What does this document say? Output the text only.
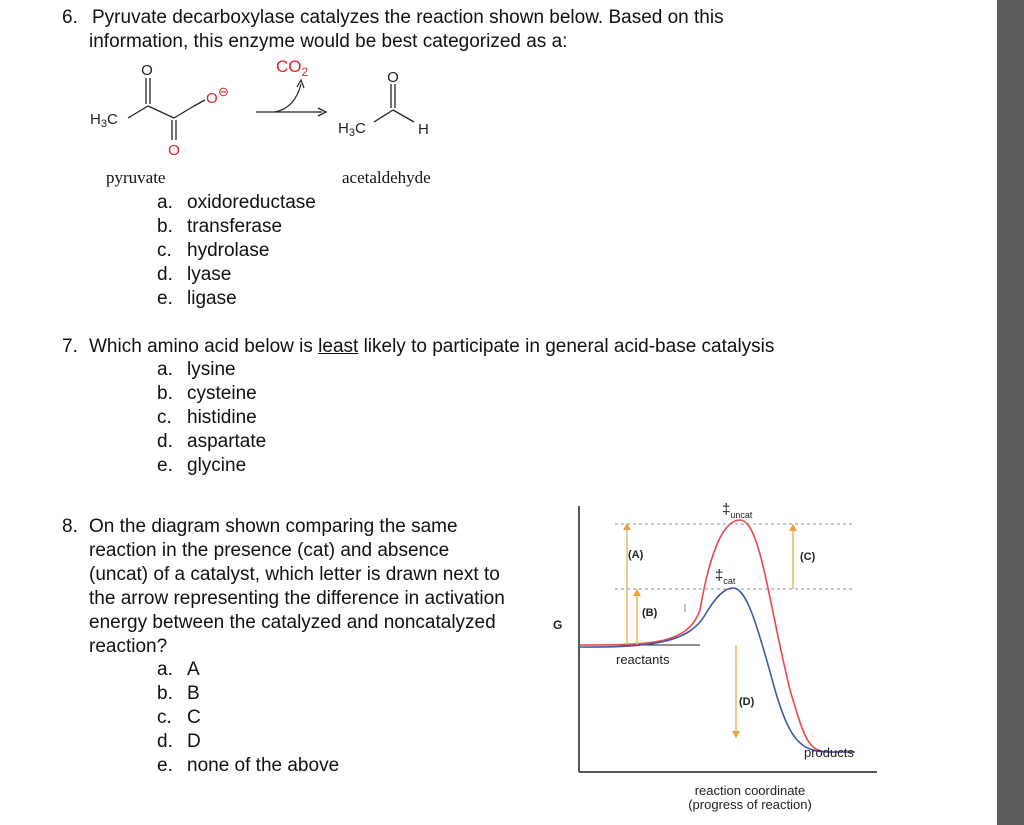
6. Pyruvate decarboxylase catalyzes the reaction shown below. Based on this
information, this enzyme would be best categorized as a:
$CO_2$
O
O
O ⊖
$H_3C$
O
$H_3C$	H
pyruvate	acetaldehyde
a. oxidoreductase
b. transferase
c. hydrolase
d. lyase
e. ligase
7. Which amino acid below is least likely to participate in general acid-base catalysis
a. lysine
b. cysteine
c. histidine
d. aspartate
e. glycine
8. On the diagram shown comparing the same
reaction in the presence (cat) and absence
(uncat) of a catalyst, which letter is drawn next to
the arrow representing the difference in activation
energy between the catalyzed and noncatalyzed
reaction?
a. A
b. B
c. C
d. D
e. none of the above
G
(A)
(B)
(C)
(D)
$\ddagger_{uncat}$
$\ddagger_{cat}$
reactants
products
reaction coordinate
(progress of reaction)
